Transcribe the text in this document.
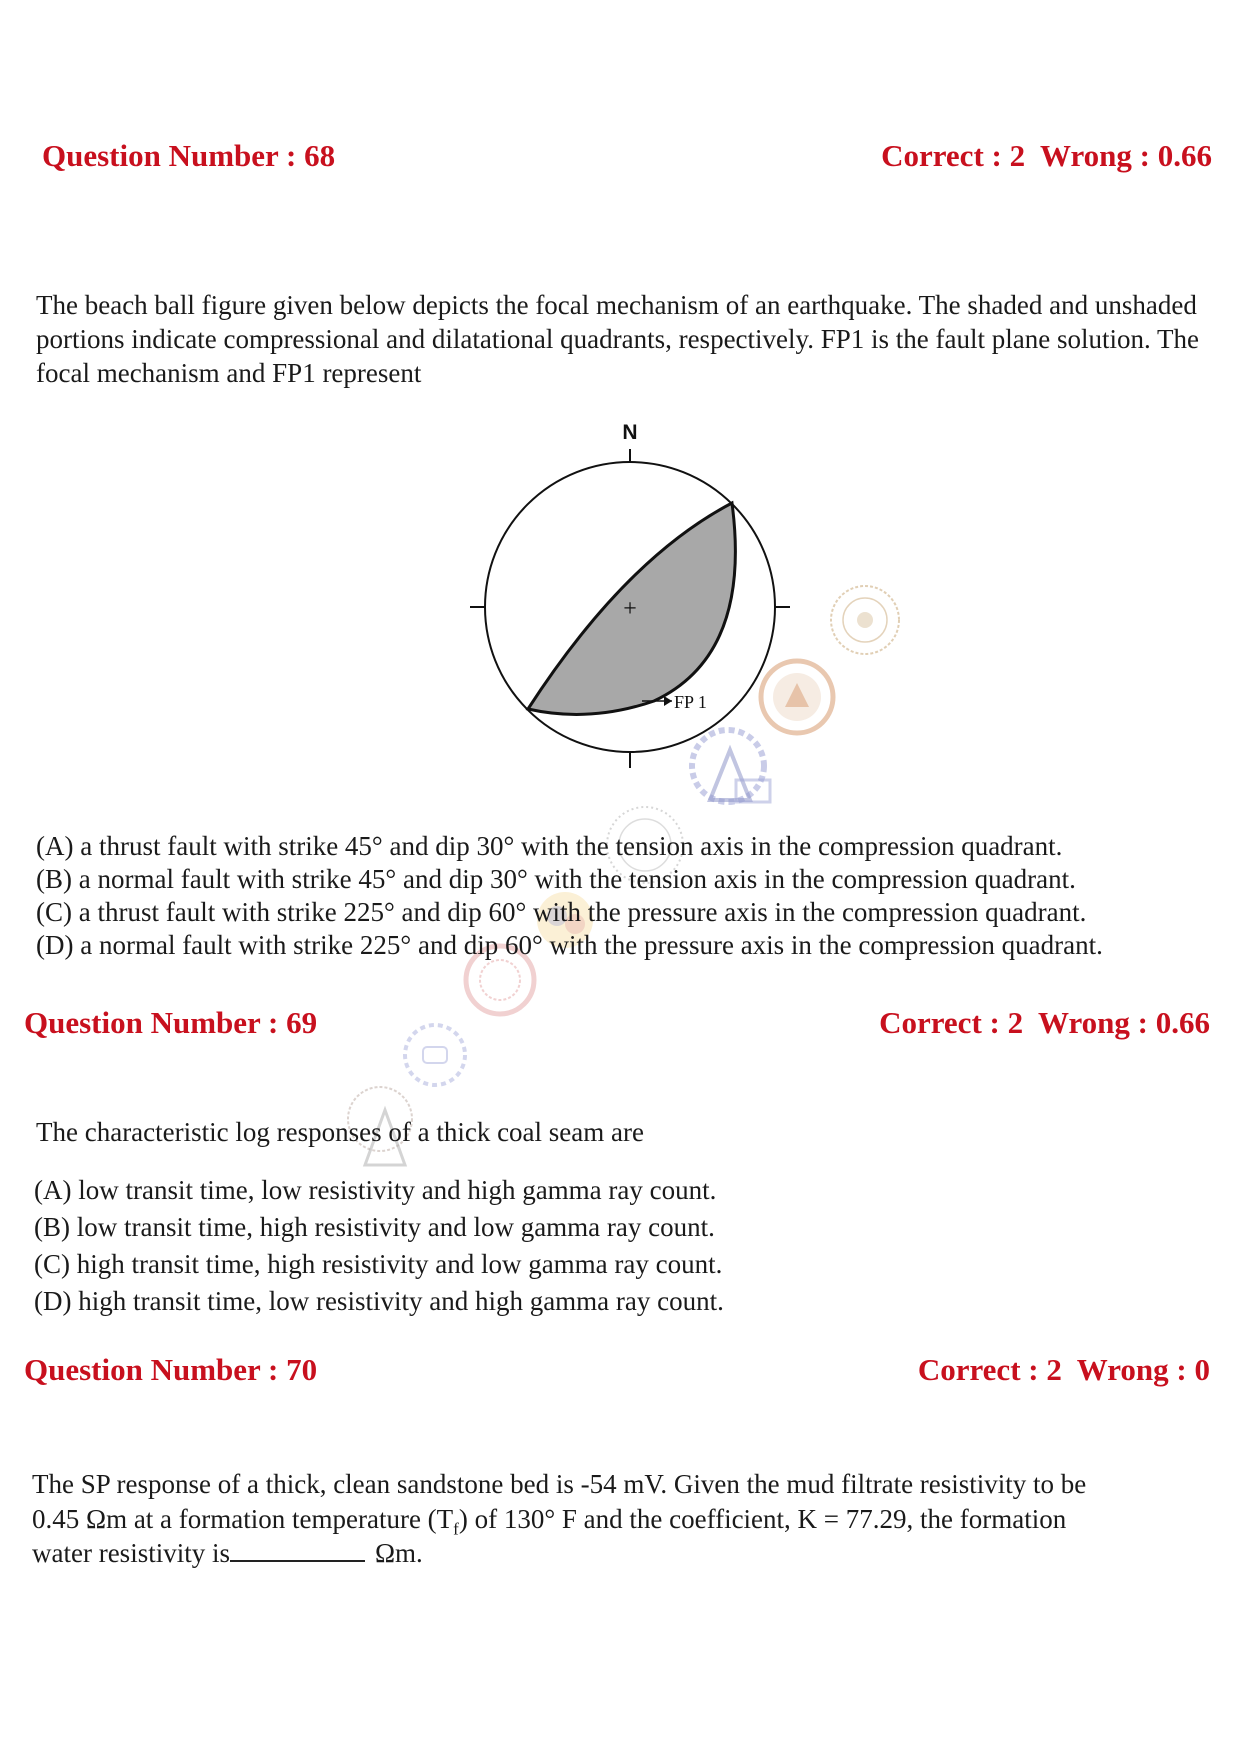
Question Number : 68	Correct : 2 Wrong : 0.66

The beach ball figure given below depicts the focal mechanism of an earthquake. The shaded and unshaded portions indicate compressional and dilatational quadrants, respectively. FP1 is the fault plane solution. The focal mechanism and FP1 represent

N
+
FP 1
(A) a thrust fault with strike 45° and dip 30° with the tension axis in the compression quadrant.
(B) a normal fault with strike 45° and dip 30° with the tension axis in the compression quadrant.
(C) a thrust fault with strike 225° and dip 60° with the pressure axis in the compression quadrant.
(D) a normal fault with strike 225° and dip 60° with the pressure axis in the compression quadrant.
Question Number : 69	Correct : 2 Wrong : 0.66
The characteristic log responses of a thick coal seam are
(A) low transit time, low resistivity and high gamma ray count.
(B) low transit time, high resistivity and low gamma ray count.
(C) high transit time, high resistivity and low gamma ray count.
(D) high transit time, low resistivity and high gamma ray count.
Question Number : 70	Correct : 2 Wrong : 0
The SP response of a thick, clean sandstone bed is -54 mV. Given the mud filtrate resistivity to be
0.45 Ωm at a formation temperature $(T_f)$ of 130° F and the coefficient, K = 77.29, the formation
water resistivity is	Ωm.
